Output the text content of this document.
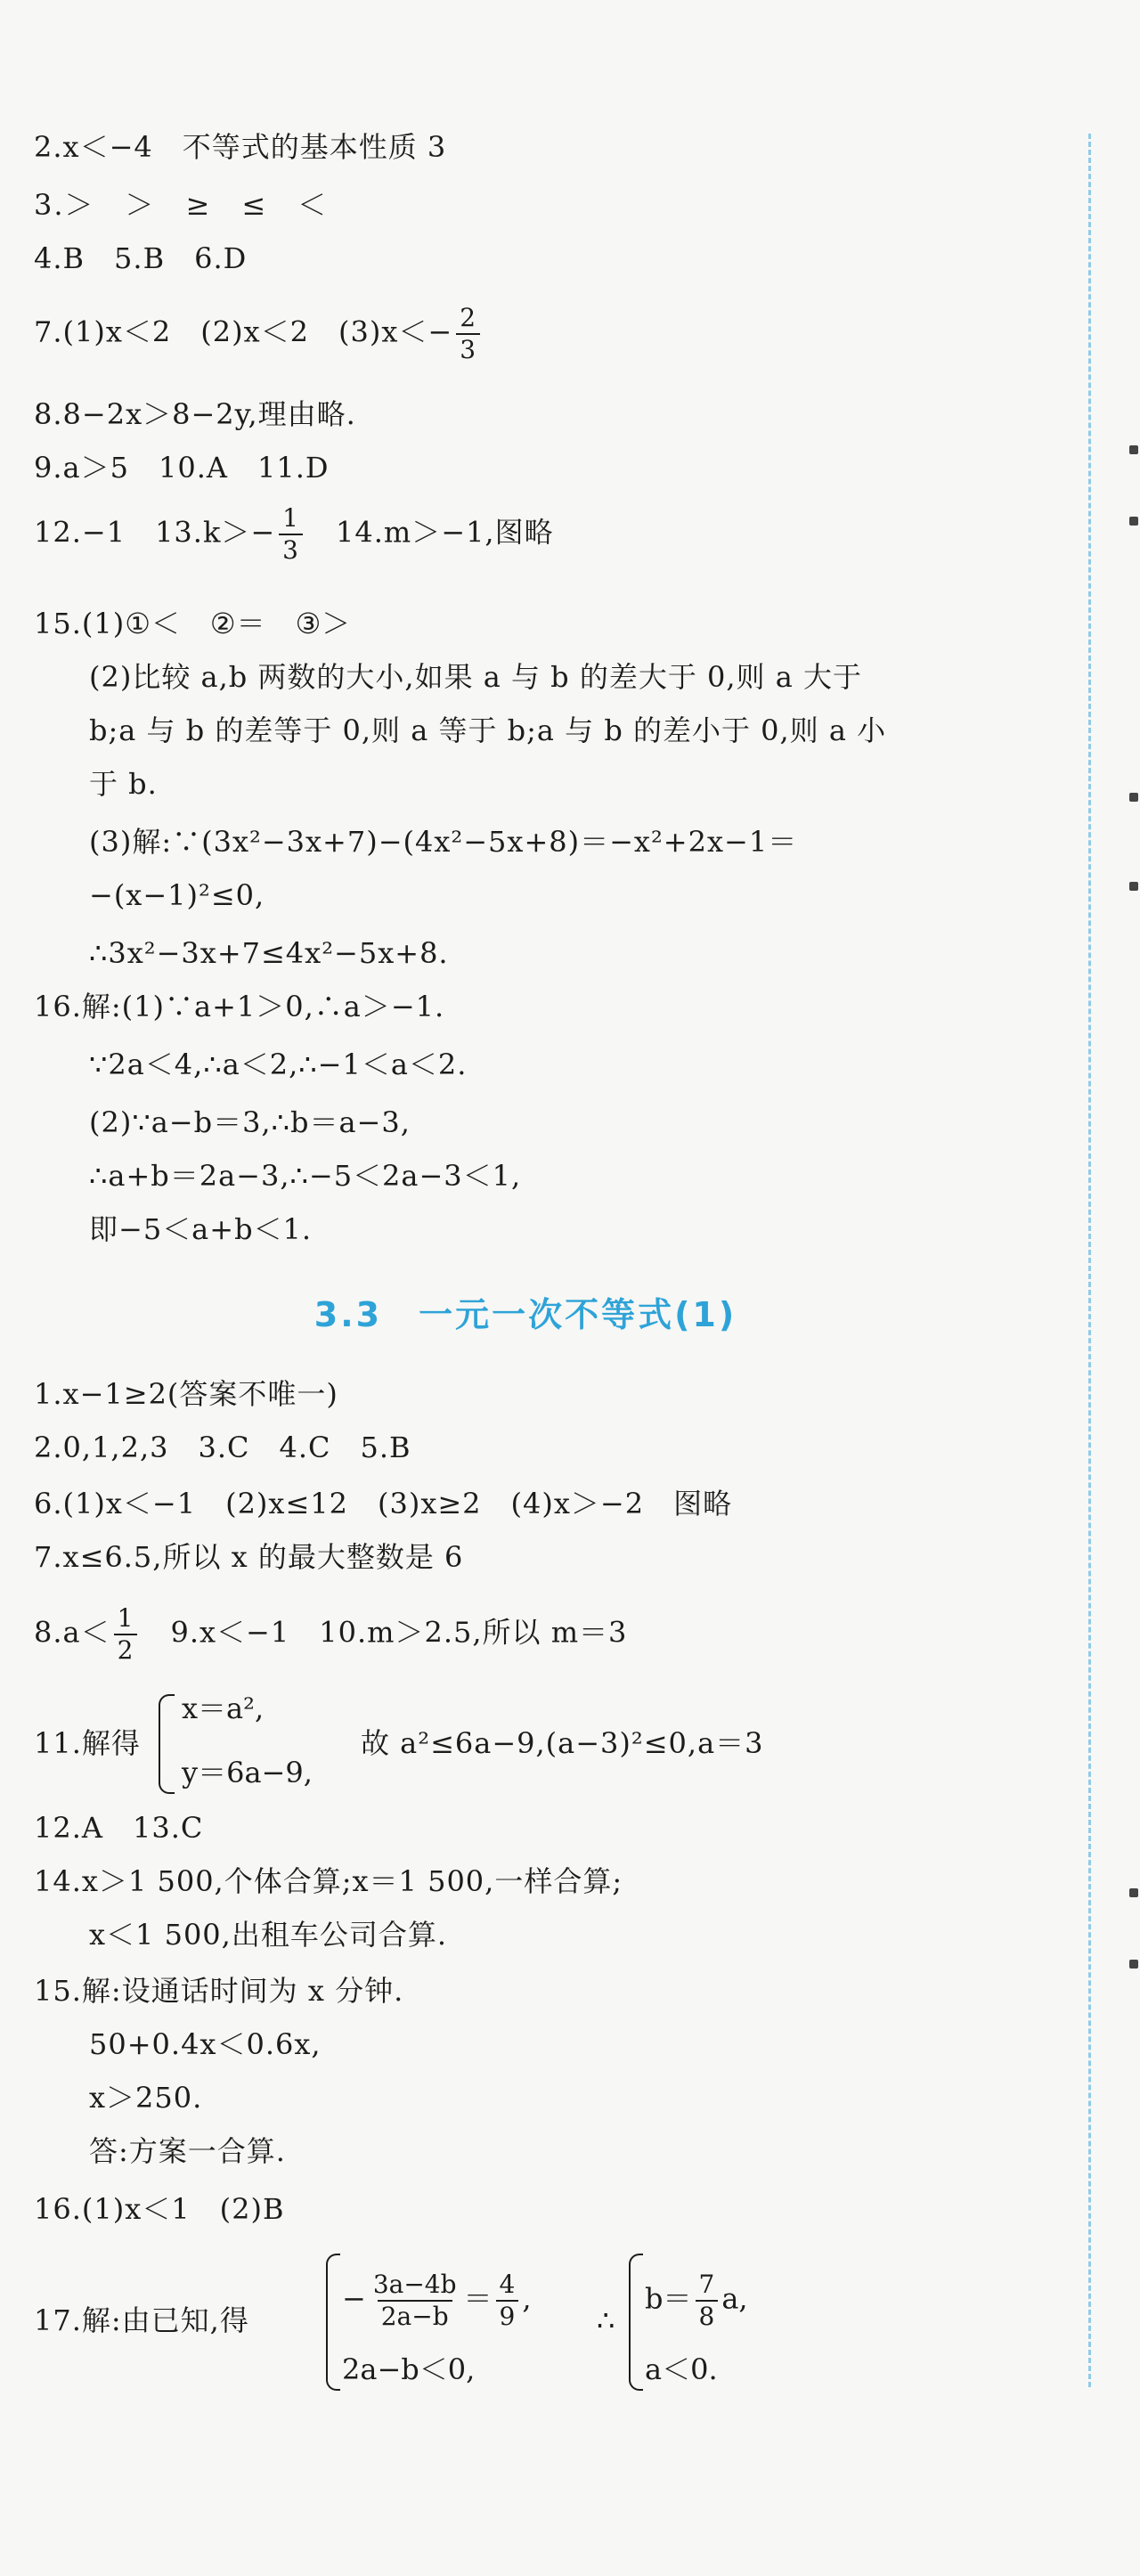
2.x＜−4　不等式的基本性质 3
3.＞　＞　≥　≤　＜
4.B　5.B　6.D
7.(1)x＜2　(2)x＜2　$(3)x<- \frac{2}{3}$
8.8−2x＞8−2y,理由略.
9.a＞5　10.A　11.D
12.−1　$13.k>- \frac{1}{3}$
　 14.m＞−1,图略
15.(1)①＜　②＝　③＞
(2)比较 a,b 两数的大小,如果 a 与 b 的差大于 0,则 a 大于
b;a 与 b 的差等于 0,则 a 等于 b;a 与 b 的差小于 0,则 a 小
于 b.
(3)解:∵(3x²−3x+7)−(4x²−5x+8)＝−x²+2x−1＝
−(x−1)²≤0,
∴3x²−3x+7≤4x²−5x+8.
16.解:(1)∵a+1＞0,∴a＞−1.
∵2a＜4,∴a＜2,∴−1＜a＜2.
(2)∵a−b＝3,∴b＝a−3,
∴a+b＝2a−3,∴−5＜2a−3＜1,
即−5＜a+b＜1.
3.3　一元一次不等式(1)
1.x−1≥2(答案不唯一)
2.0,1,2,3　3.C　4.C　5.B
6.(1)x＜−1　(2)x≤12　(3)x≥2　(4)x＞−2　图略
7.x≤6.5,所以 x 的最大整数是 6
$8.a< \frac{1}{2}$
　 9.x＜−1　10.m＞2.5,所以 m＝3
11.解得
x＝a²,
y＝6a−9,
故 a²≤6a−9,(a−3)²≤0,a＝3
12.A　13.C
14.x＞1 500,个体合算;x＝1 500,一样合算;
x＜1 500,出租车公司合算.
15.解:设通话时间为 x 分钟.
50+0.4x＜0.6x,
x＞250.
答:方案一合算.
16.(1)x＜1　(2)B
17.解:由已知,得
− $\frac{3a-4b}{2a-b} = \frac{4}{9}$ ,
2a−b＜0,
∴
$b= \frac{7}{8} a$,
a＜0.
